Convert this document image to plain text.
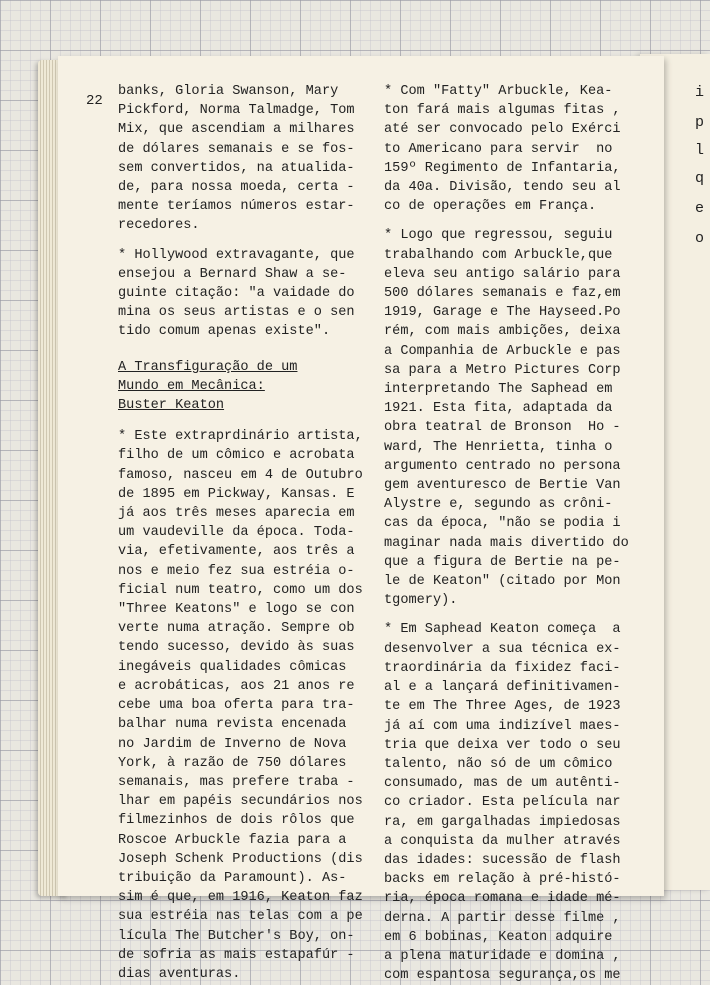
i
p
l
q
e
o
22

banks, Gloria Swanson, Mary
Pickford, Norma Talmadge, Tom
Mix, que ascendiam a milhares
de dólares semanais e se fos-
sem convertidos, na atualida-
de, para nossa moeda, certa -
mente teríamos números estar-
recedores.

* Hollywood extravagante, que
ensejou a Bernard Shaw a se-
guinte citação: "a vaidade do
mina os seus artistas e o sen
tido comum apenas existe".

A Transfiguração de um
Mundo em Mecânica:
Buster Keaton

* Este extraprdinário artista,
filho de um cômico e acrobata
famoso, nasceu em 4 de Outubro
de 1895 em Pickway, Kansas. E
já aos três meses aparecia em
um vaudeville da época. Toda-
via, efetivamente, aos três a
nos e meio fez sua estréia o-
ficial num teatro, como um dos
"Three Keatons" e logo se con
verte numa atração. Sempre ob
tendo sucesso, devido às suas
inegáveis qualidades cômicas
e acrobáticas, aos 21 anos re
cebe uma boa oferta para tra-
balhar numa revista encenada
no Jardim de Inverno de Nova
York, à razão de 750 dólares
semanais, mas prefere traba -
lhar em papéis secundários nos
filmezinhos de dois rôlos que
Roscoe Arbuckle fazia para a
Joseph Schenk Productions (dis
tribuição da Paramount). As-
sim é que, em 1916, Keaton faz
sua estréia nas telas com a pe
lícula The Butcher's Boy, on-
de sofria as mais estapafúr -
dias aventuras.

* Com "Fatty" Arbuckle, Kea-
ton fará mais algumas fitas ,
até ser convocado pelo Exérci
to Americano para servir  no
159º Regimento de Infantaria,
da 40a. Divisão, tendo seu al
co de operações em França.

* Logo que regressou, seguiu
trabalhando com Arbuckle,que
eleva seu antigo salário para
500 dólares semanais e faz,em
1919, Garage e The Hayseed.Po
rém, com mais ambições, deixa
a Companhia de Arbuckle e pas
sa para a Metro Pictures Corp
interpretando The Saphead em
1921. Esta fita, adaptada da
obra teatral de Bronson  Ho -
ward, The Henrietta, tinha o
argumento centrado no persona
gem aventuresco de Bertie Van
Alystre e, segundo as crôni-
cas da época, "não se podia i
maginar nada mais divertido do
que a figura de Bertie na pe-
le de Keaton" (citado por Mon
tgomery).

* Em Saphead Keaton começa  a
desenvolver a sua técnica ex-
traordinária da fixidez faci-
al e a lançará definitivamen-
te em The Three Ages, de 1923
já aí com uma indizível maes-
tria que deixa ver todo o seu
talento, não só de um cômico
consumado, mas de um autênti-
co criador. Esta película nar
ra, em gargalhadas impiedosas
a conquista da mulher através
das idades: sucessão de flash
backs em relação à pré-histó-
ria, época romana e idade mé-
derna. A partir desse filme ,
em 6 bobinas, Keaton adquire
a plena maturidade e domina ,
com espantosa segurança,os me
